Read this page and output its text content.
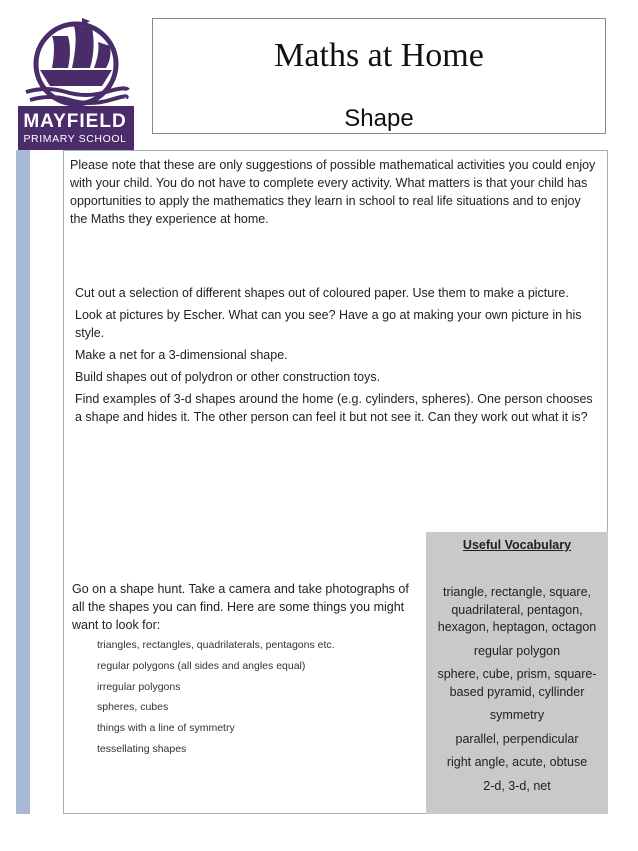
MAYFIELD
PRIMARY SCHOOL
Maths at Home
Shape

Please note that these are only suggestions of possible mathematical activities you could enjoy with your child. You do not have to complete every activity. What matters is that your child has opportunities to apply the mathematics they learn in school to real life situations and to enjoy the Maths they experience at home.

Cut out a selection of different shapes out of coloured paper. Use them to make a picture.

Look at pictures by Escher. What can you see? Have a go at making your own picture in his style.

Make a net for a 3-dimensional shape.

Build shapes out of polydron or other construction toys.

Find examples of 3-d shapes around the home (e.g. cylinders, spheres). One person chooses a shape and hides it. The other person can feel it but not see it. Can they work out what it is?

Useful Vocabulary
triangle, rectangle, square, quadrilateral, pentagon, hexagon, heptagon, octagon
regular polygon
sphere, cube, prism, square-based pyramid, cyllinder
symmetry
parallel, perpendicular
right angle, acute, obtuse
2-d, 3-d, net

Go on a shape hunt. Take a camera and take photographs of all the shapes you can find. Here are some things you might want to look for:

triangles, rectangles, quadrilaterals, pentagons etc.
regular polygons (all sides and angles equal)
irregular polygons
spheres, cubes
things with a line of symmetry
tessellating shapes
